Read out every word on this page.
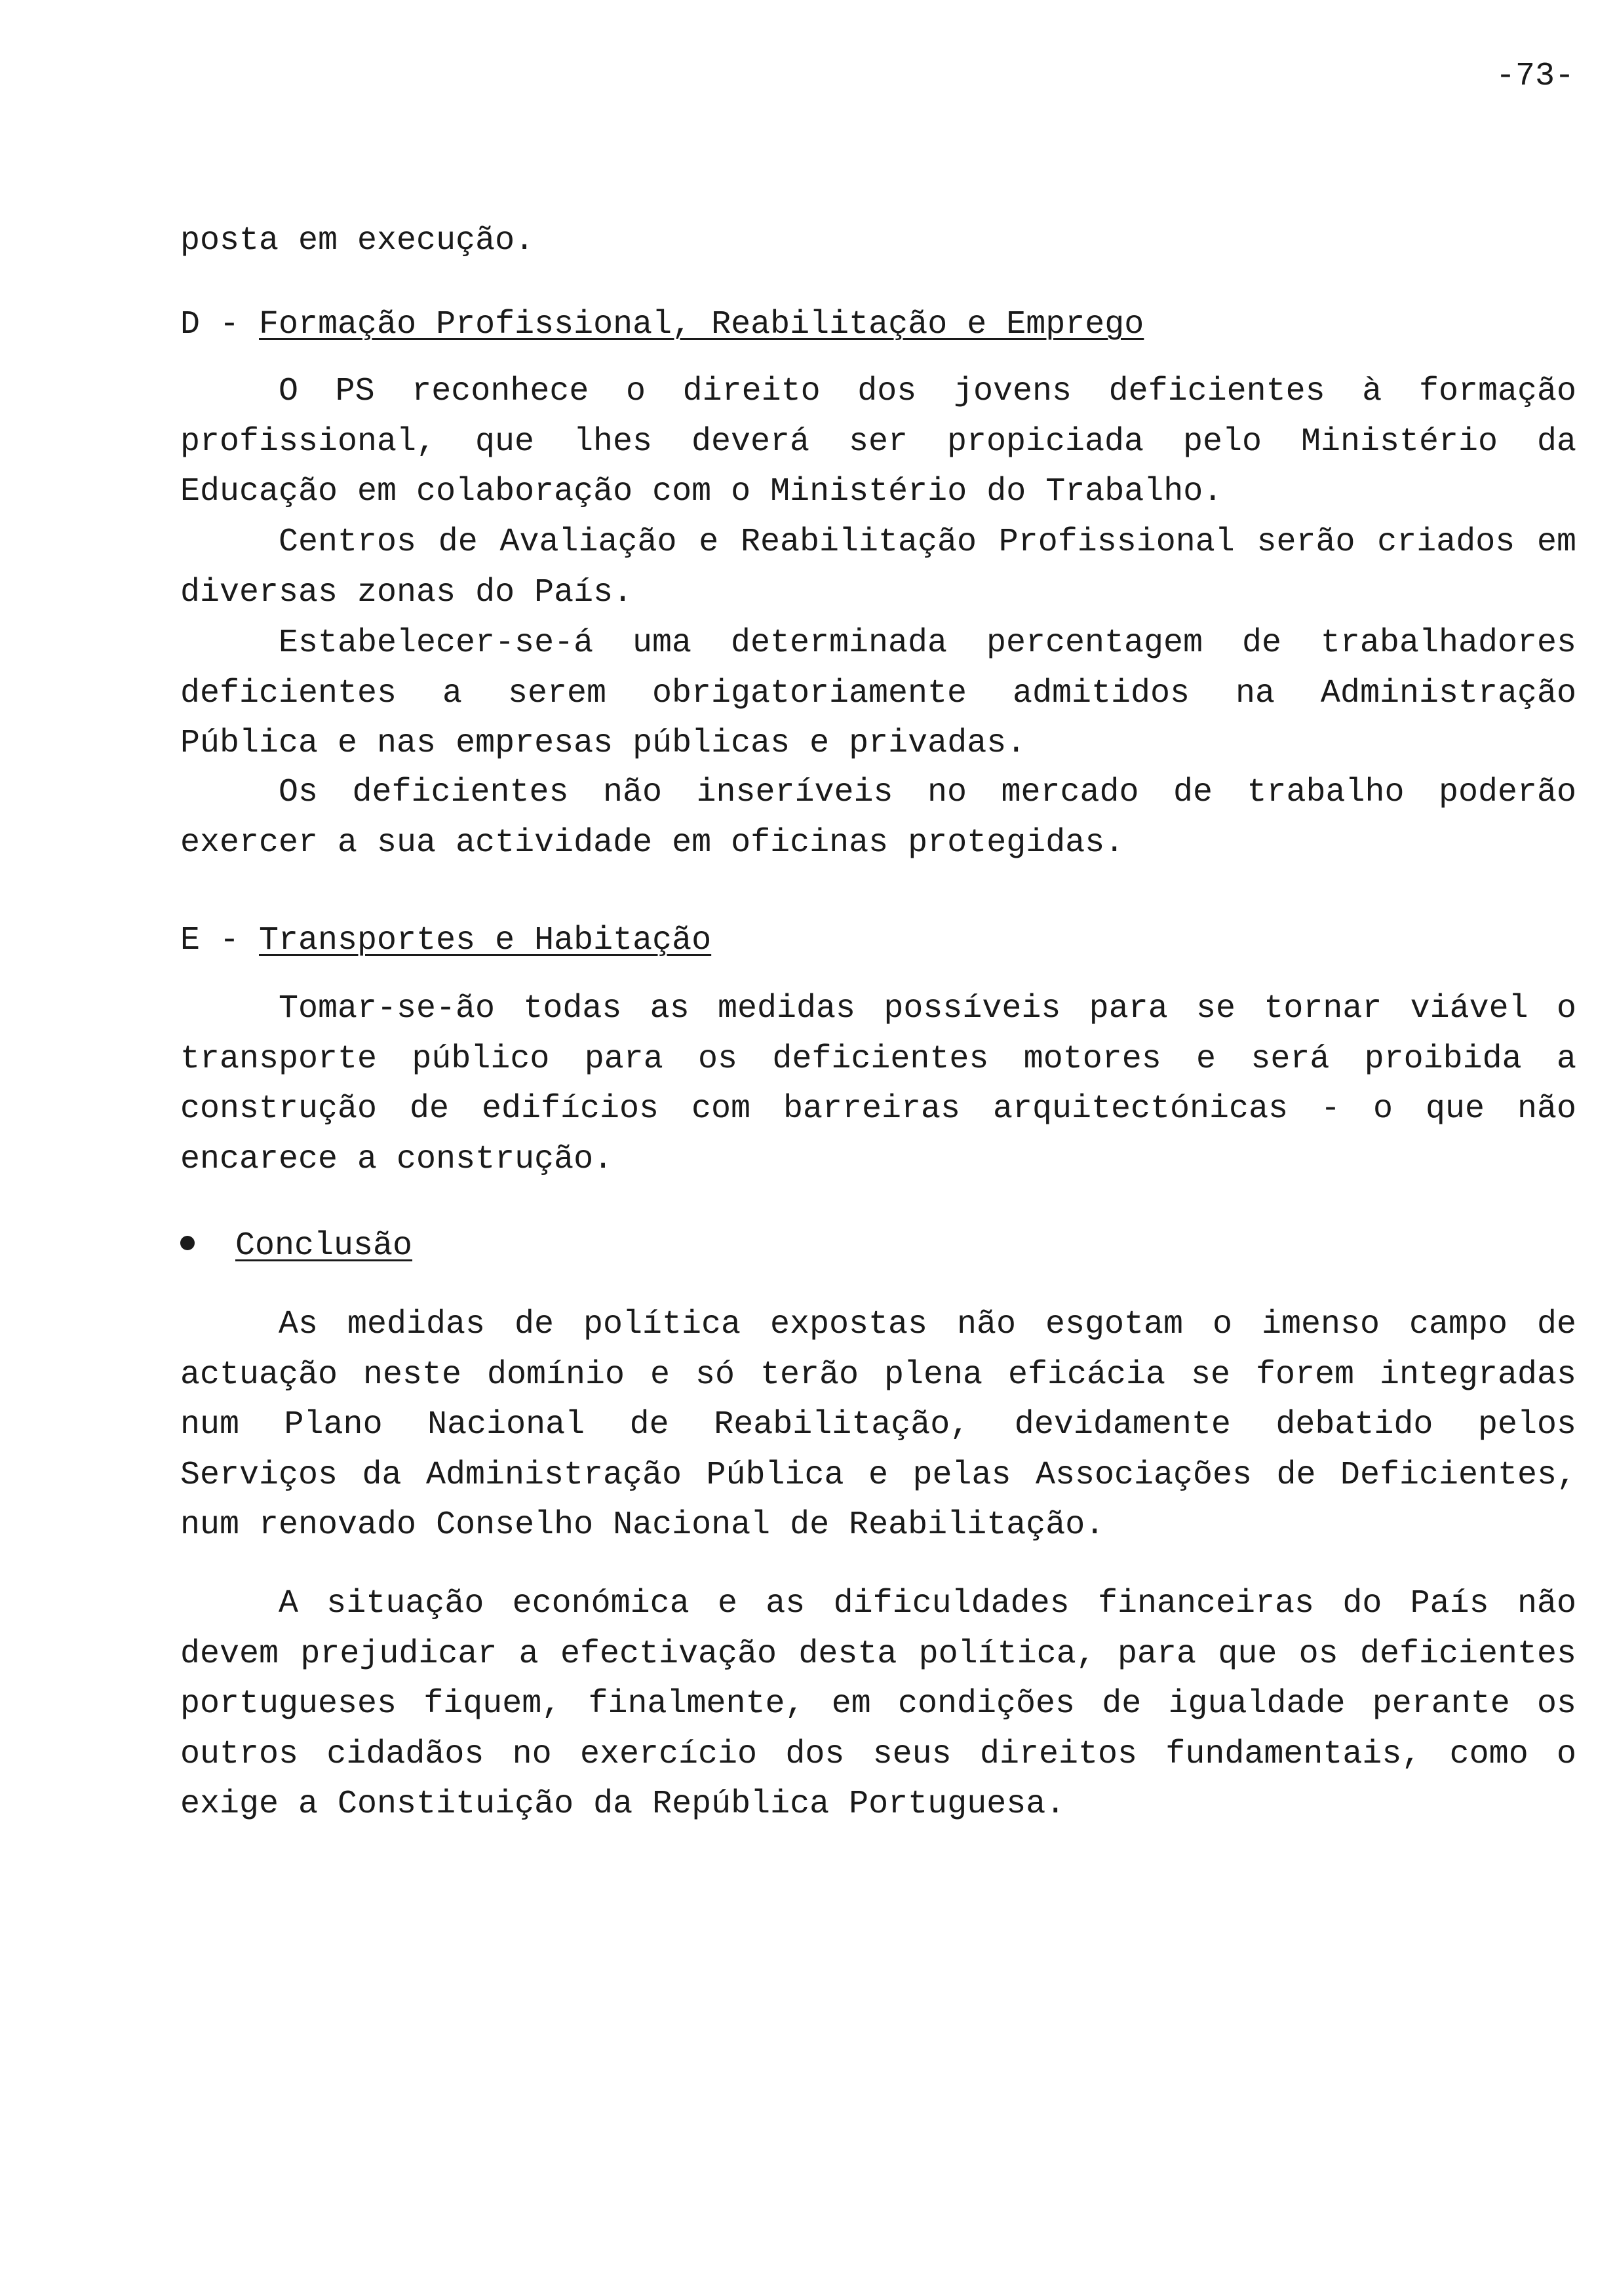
-73-
posta em execução.
D - Formação Profissional, Reabilitação e Emprego
O PS reconhece o direito dos jovens deficientes à formação profissional, que lhes deverá ser propiciada pelo Ministério da Educação em colaboração com o Ministério do Trabalho.
Centros de Avaliação e Reabilitação Profissional serão criados em diversas zonas do País.
Estabelecer-se-á uma determinada percentagem de trabalhadores deficientes a serem obrigatoriamente admitidos na Administração Pública e nas empresas públicas e privadas.
Os deficientes não inseríveis no mercado de trabalho poderão exercer a sua actividade em oficinas protegidas.
E - Transportes e Habitação
Tomar-se-ão todas as medidas possíveis para se tornar viável o transporte público para os deficientes motores e será proibida a construção de edifícios com barreiras arquitectónicas - o que não encarece a construção.
Conclusão
As medidas de política expostas não esgotam o imenso campo de actuação neste domínio e só terão plena eficácia se forem integradas num Plano Nacional de Reabilitação, devidamente debatido pelos Serviços da Administração Pública e pelas Associações de Deficientes, num renovado Conselho Nacional de Reabilitação.
A situação económica e as dificuldades financeiras do País não devem prejudicar a efectivação desta política, para que os deficientes portugueses fiquem, finalmente, em condições de igualdade perante os outros cidadãos no exercício dos seus direitos fundamentais, como o exige a Constituição da República Portuguesa.
